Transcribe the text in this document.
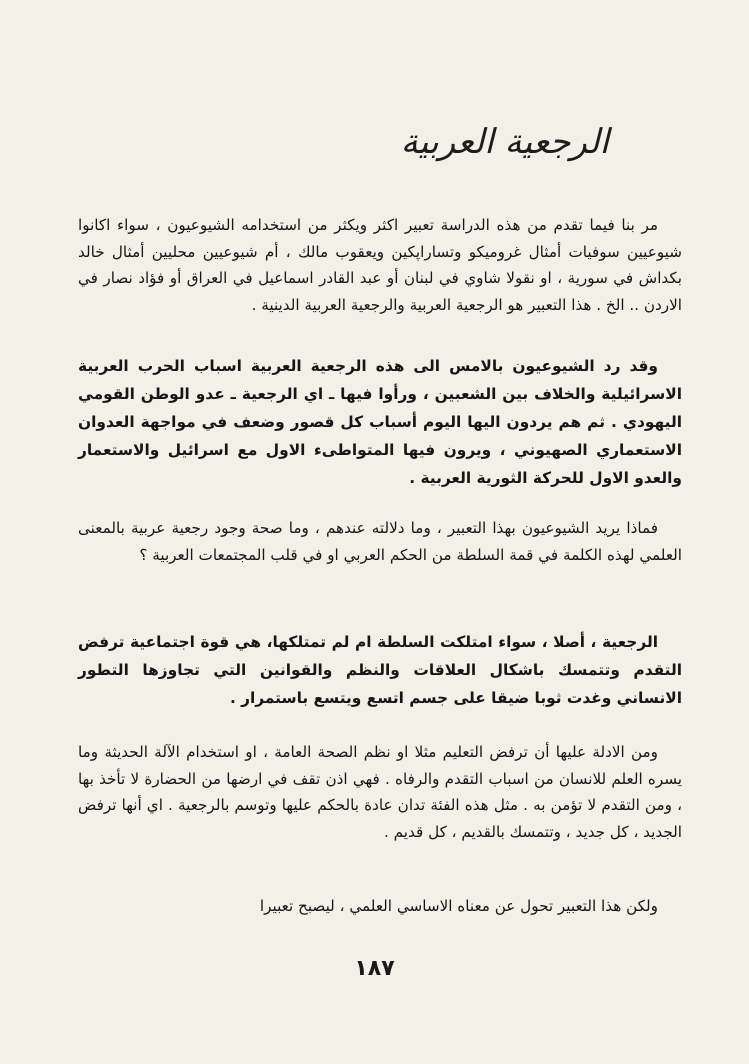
الرجعية العربية

مر بنا فيما تقدم من هذه الدراسة تعبير اكثر ويكثر من استخدامه الشيوعيون ، سواء اكانوا شيوعيين سوفيات أمثال غروميكو وتساراپكين ويعقوب مالك ، أم شيوعيين محليين أمثال خالد بكداش في سورية ، او نقولا شاوي في لبنان أو عبد القادر اسماعيل في العراق أو فؤاد نصار في الاردن .. الخ . هذا التعبير هو الرجعية العربية والرجعية العربية الدينية .

وقد رد الشيوعيون بالامس الى هذه الرجعية العربية اسباب الحرب العربية الاسرائيلية والخلاف بين الشعبين ، ورأوا فيها ـ اي الرجعية ـ عدو الوطن القومي اليهودي . ثم هم يردون اليها اليوم أسباب كل قصور وضعف في مواجهة العدوان الاستعماري الصهيوني ، ويرون فيها المتواطىء الاول مع اسرائيل والاستعمار والعدو الاول للحركة الثورية العربية .

فماذا يريد الشيوعيون بهذا التعبير ، وما دلالته عندهم ، وما صحة وجود رجعية عربية بالمعنى العلمي لهذه الكلمة في قمة السلطة من الحكم العربي او في قلب المجتمعات العربية ؟

الرجعية ، أصلا ، سواء امتلكت السلطة ام لم تمتلكها، هي قوة اجتماعية ترفض التقدم وتتمسك باشكال العلاقات والنظم والقوانين التي تجاوزها التطور الانساني وغدت ثوبا ضيقا على جسم اتسع ويتسع باستمرار .

ومن الادلة عليها أن ترفض التعليم مثلا او نظم الصحة العامة ، او استخدام الآلة الحديثة وما يسره العلم للانسان من اسباب التقدم والرفاه . فهي اذن تقف في ارضها من الحضارة لا تأخذ بها ، ومن التقدم لا تؤمن به . مثل هذه الفئة تدان عادة بالحكم عليها وتوسم بالرجعية . اي أنها ترفض الجديد ، كل جديد ، وتتمسك بالقديم ، كل قديم .

ولكن هذا التعبير تحول عن معناه الاساسي العلمي ، ليصبح تعبيرا

١٨٧
